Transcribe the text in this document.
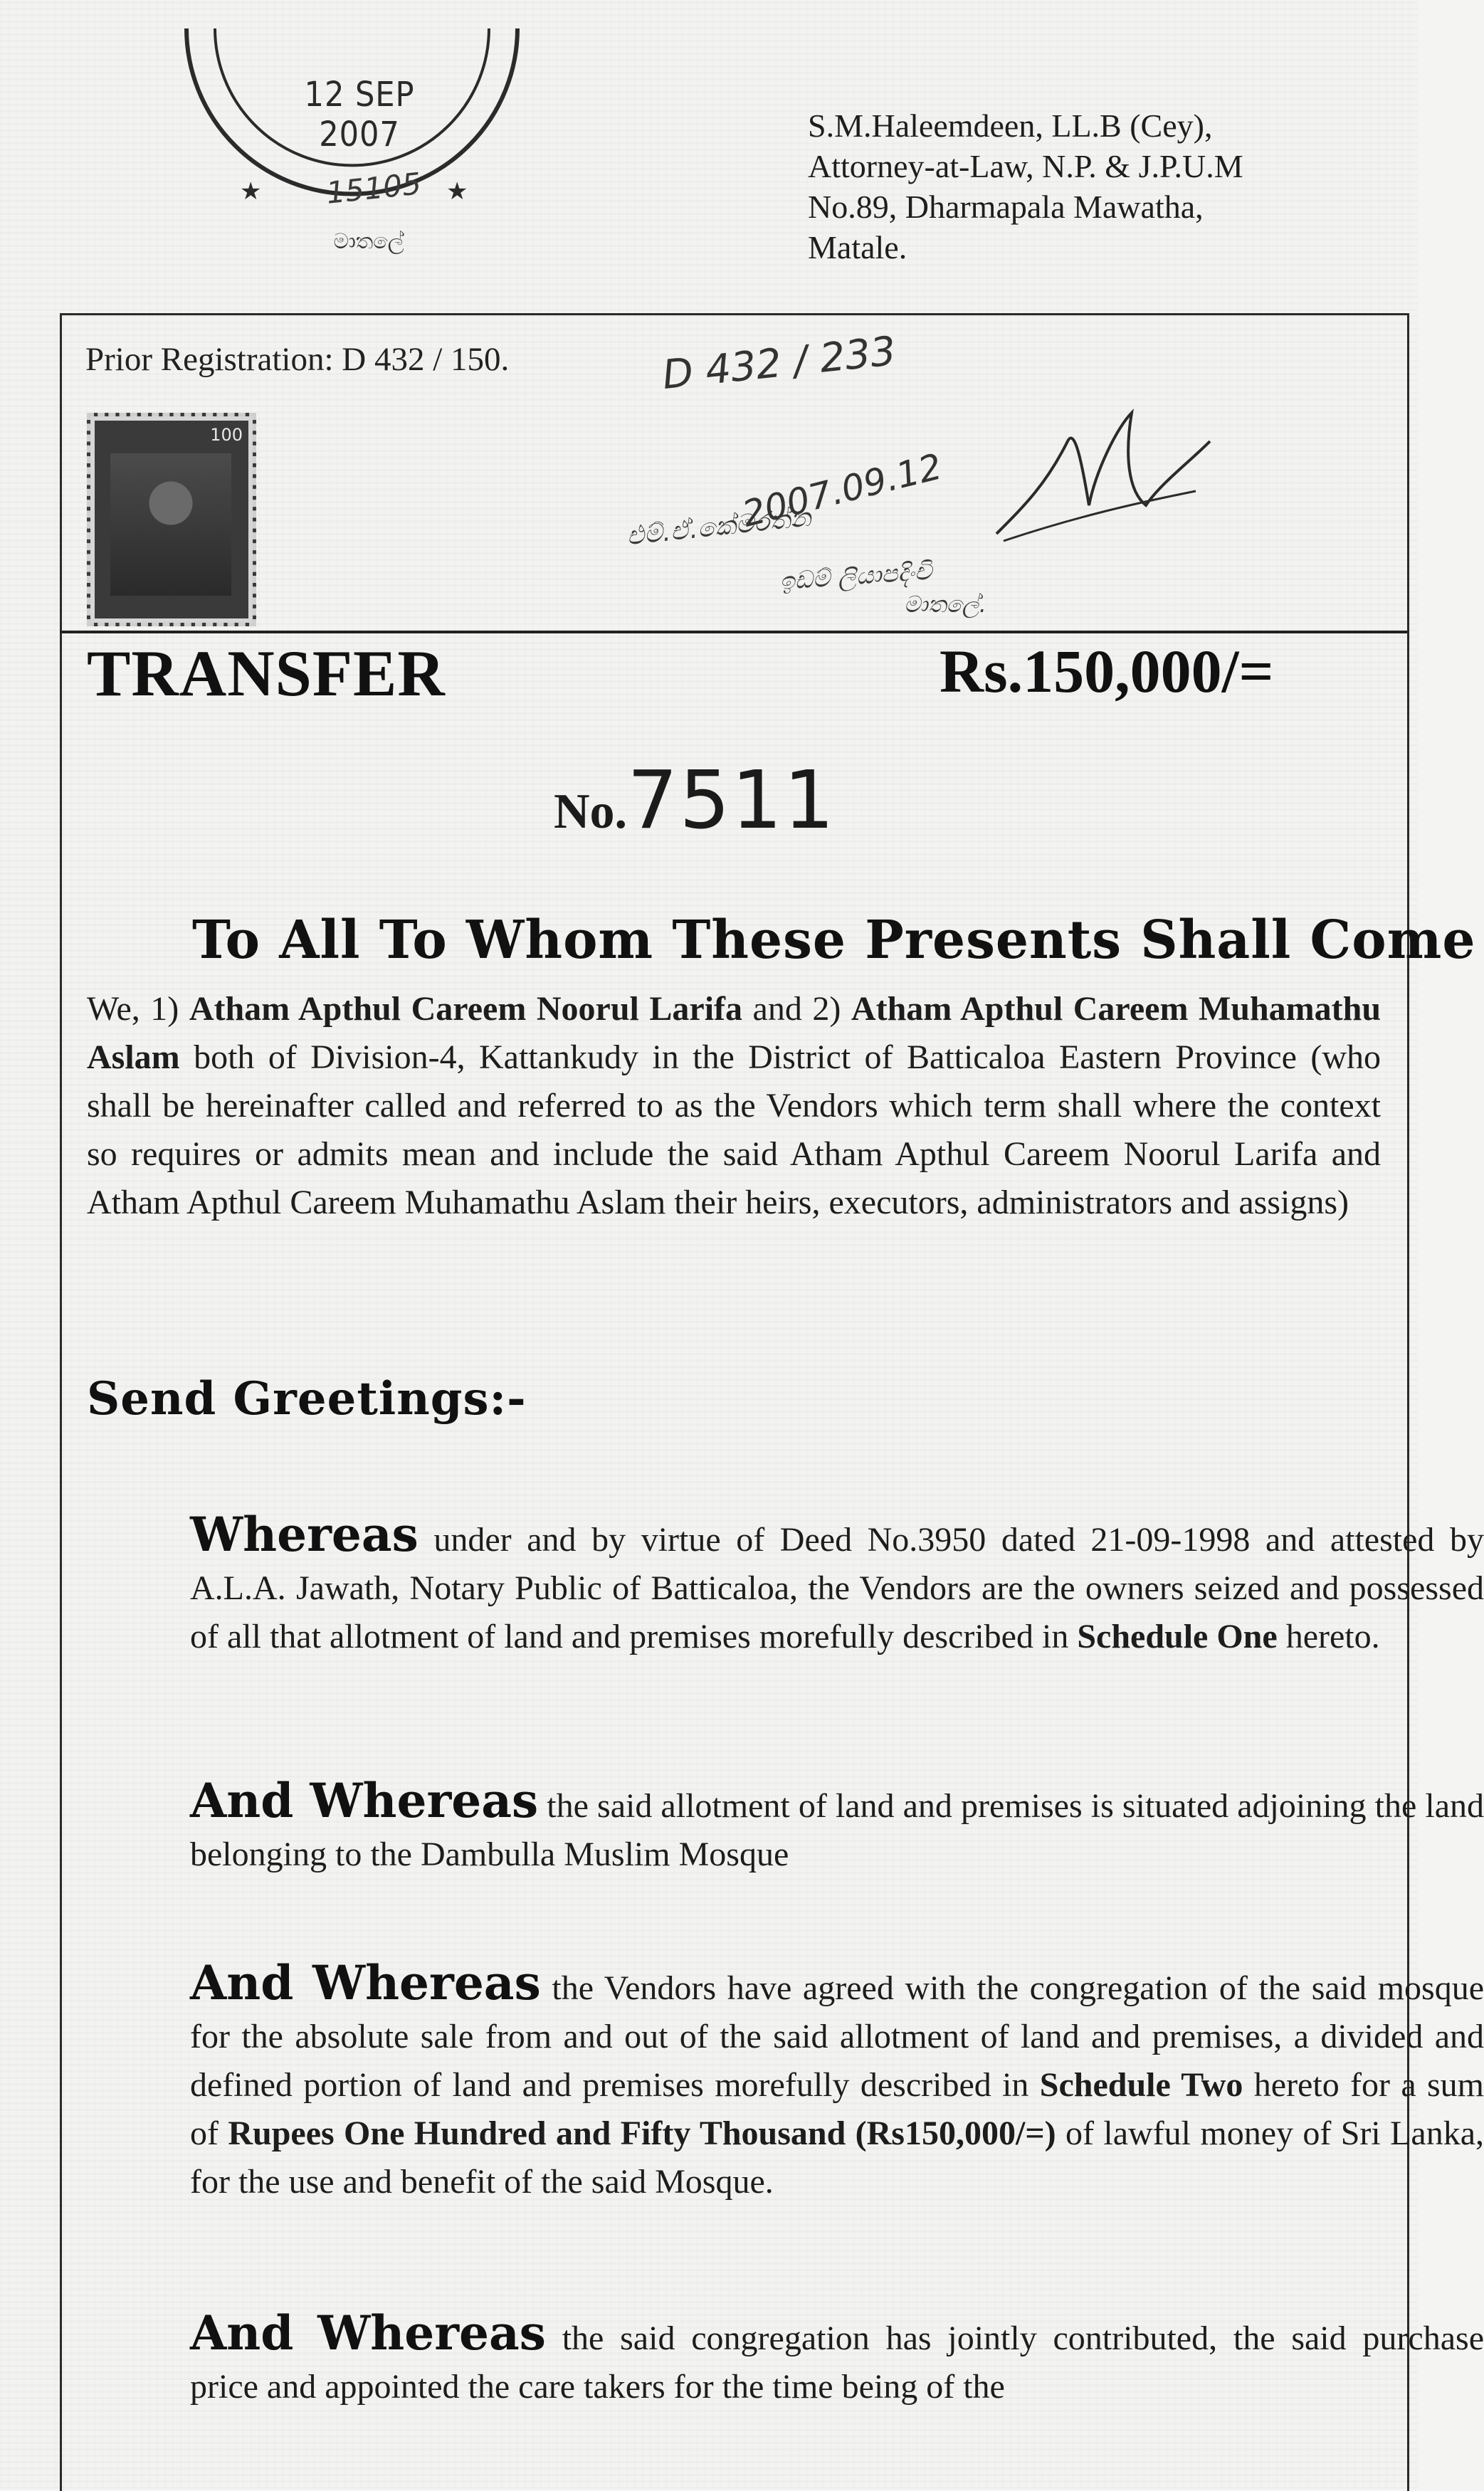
★	★
12 SEP 2007
15105
මාතලේ
S.M.Haleemdeen, LL.B (Cey),
Attorney-at-Law, N.P. & J.P.U.M
No.89, Dharmapala Mawatha,
Matale.
Prior Registration: D 432 / 150.	D 432 / 233
2007.09.12
එම්.ඒ.කේමරත්න
ඉඩම් ලියාපදිංචි
මාතලේ.
100
TRANSFER	Rs.150,000/=
No.7511
To All To Whom These Presents Shall Come
We, 1) Atham Apthul Careem Noorul Larifa and 2) Atham Apthul Careem Muhamathu Aslam both of Division-4, Kattankudy in the District of Batticaloa Eastern Province (who shall be hereinafter called and referred to as the Vendors which term shall where the context so requires or admits mean and include the said Atham Apthul Careem Noorul Larifa and Atham Apthul Careem Muhamathu Aslam their heirs, executors, administrators and assigns)
Send Greetings:-
Whereas under and by virtue of Deed No.3950 dated 21-09-1998 and attested by A.L.A. Jawath, Notary Public of Batticaloa, the Vendors are the owners seized and possessed of all that allotment of land and premises morefully described in Schedule One hereto.
And Whereas the said allotment of land and premises is situated adjoining the land belonging to the Dambulla Muslim Mosque
And Whereas the Vendors have agreed with the congregation of the said mosque for the absolute sale from and out of the said allotment of land and premises, a divided and defined portion of land and premises morefully described in Schedule Two hereto for a sum of Rupees One Hundred and Fifty Thousand (Rs150,000/=) of lawful money of Sri Lanka, for the use and benefit of the said Mosque.
And Whereas the said congregation has jointly contributed, the said purchase price and appointed the care takers for the time being of the
